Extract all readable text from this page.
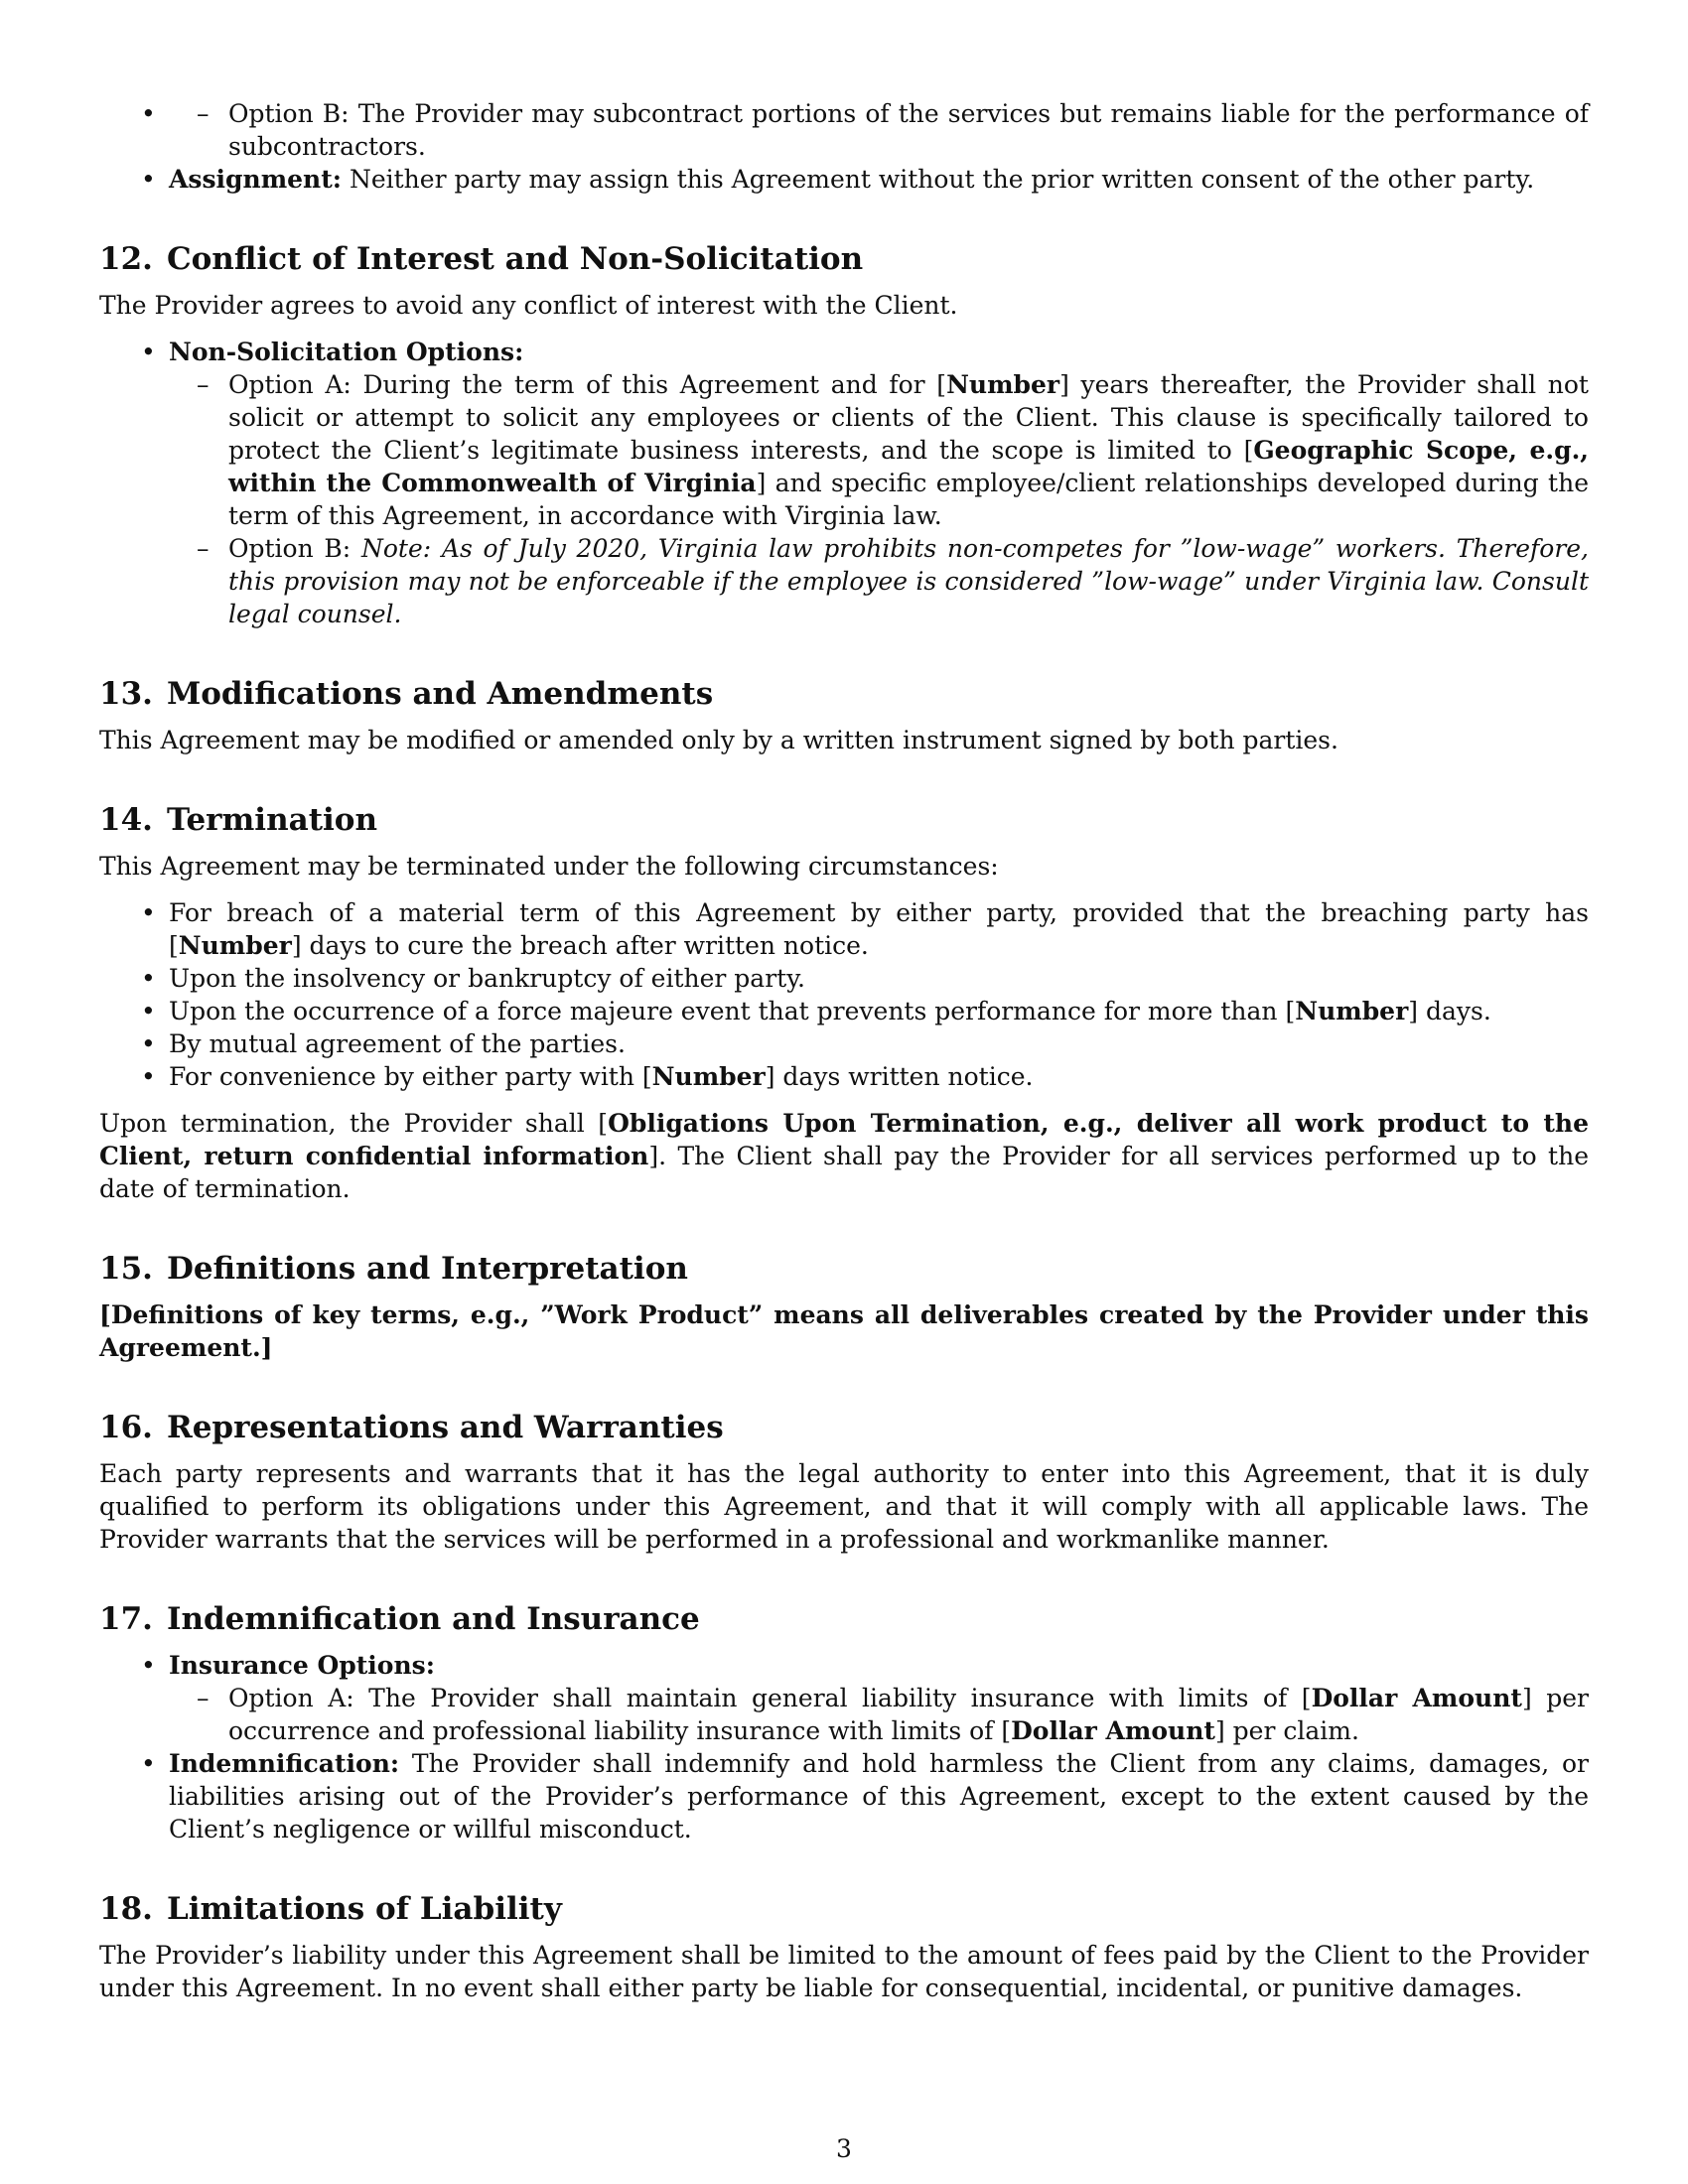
• – Option B: The Provider may subcontract portions of the services but remains liable for the performance of subcontractors.
• Assignment: Neither party may assign this Agreement without the prior written consent of the other party.
12. Conflict of Interest and Non-Solicitation

The Provider agrees to avoid any conflict of interest with the Client.

• Non-Solicitation Options:
– Option A: During the term of this Agreement and for [Number] years thereafter, the Provider shall not solicit or attempt to solicit any employees or clients of the Client. This clause is specifically tailored to protect the Client’s legitimate business interests, and the scope is limited to [Geographic Scope, e.g., within the Commonwealth of Virginia] and specific employee/client relationships developed during the term of this Agreement, in accordance with Virginia law.
– Option B: Note: As of July 2020, Virginia law prohibits non-competes for ”low-wage” workers. Therefore, this provision may not be enforceable if the employee is considered ”low-wage” under Virginia law. Consult legal counsel.
13. Modifications and Amendments

This Agreement may be modified or amended only by a written instrument signed by both parties.

14. Termination

This Agreement may be terminated under the following circumstances:

• For breach of a material term of this Agreement by either party, provided that the breaching party has [Number] days to cure the breach after written notice.
• Upon the insolvency or bankruptcy of either party.
• Upon the occurrence of a force majeure event that prevents performance for more than [Number] days.
• By mutual agreement of the parties.
• For convenience by either party with [Number] days written notice.

Upon termination, the Provider shall [Obligations Upon Termination, e.g., deliver all work product to the Client, return confidential information]. The Client shall pay the Provider for all services performed up to the date of termination.

15. Definitions and Interpretation

[Definitions of key terms, e.g., ”Work Product” means all deliverables created by the Provider under this Agreement.]

16. Representations and Warranties

Each party represents and warrants that it has the legal authority to enter into this Agreement, that it is duly qualified to perform its obligations under this Agreement, and that it will comply with all applicable laws. The Provider warrants that the services will be performed in a professional and workmanlike manner.

17. Indemnification and Insurance
• Insurance Options:
– Option A: The Provider shall maintain general liability insurance with limits of [Dollar Amount] per occurrence and professional liability insurance with limits of [Dollar Amount] per claim.
• Indemnification: The Provider shall indemnify and hold harmless the Client from any claims, damages, or liabilities arising out of the Provider’s performance of this Agreement, except to the extent caused by the Client’s negligence or willful misconduct.
18. Limitations of Liability

The Provider’s liability under this Agreement shall be limited to the amount of fees paid by the Client to the Provider under this Agreement. In no event shall either party be liable for consequential, incidental, or punitive damages.

3
